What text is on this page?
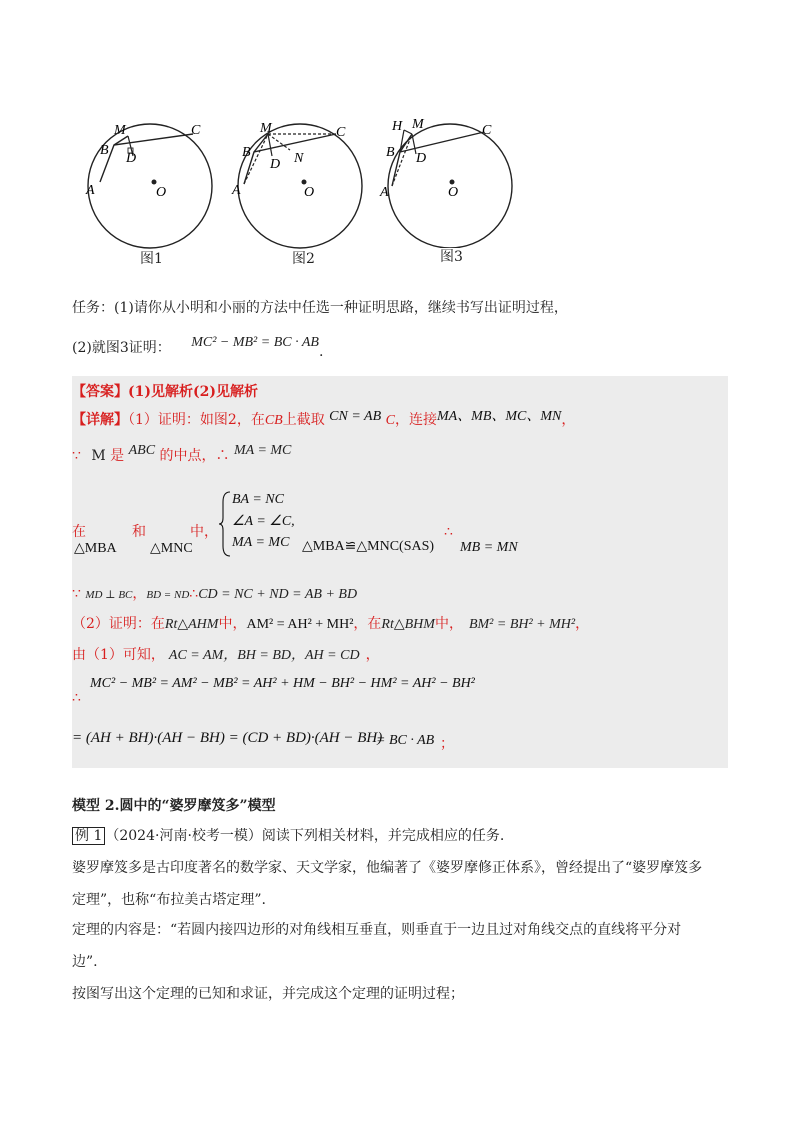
M
B
C
D
A	O
图1
M
B
C
D N
A	O
图2
H M
B
C
D
A	O
图3
任务：(1)请你从小明和小丽的方法中任选一种证明思路，继续书写出证明过程，
(2)就图3证明： MC² − MB² = BC · AB.
【答案】(1)见解析(2)见解析
【详解】（1）证明：如图2，在CB上截取 CN = AB C，连接MA、MB、MC、MN，
∵ M 是 ABC 的中点，∴ MA = MC
在
△MBA
和
△MNC
中，
BA = NC
∠A = ∠C,
MA = MC △MBA≌△MNC(SAS)
∴
MB = MN
∵ MD ⊥ BC，BD = ND∴CD = NC + ND = AB + BD
（2）证明：在Rt△AHM中，AM² = AH² + MH²，在Rt△BHM中， BM² = BH² + MH²，
由（1）可知， AC = AM，BH = BD，AH = CD ，
∴
MC² − MB² = AM² − MB² = AH² + HM − BH² − HM² = AH² − BH²
= (AH + BH)·(AH − BH) = (CD + BD)·(AH − BH)
= BC · AB ；
模型 2.圆中的“婆罗摩笈多”模型
例 1 （2024·河南·校考一模）阅读下列相关材料，并完成相应的任务.
婆罗摩笈多是古印度著名的数学家、天文学家，他编著了《婆罗摩修正体系》，曾经提出了“婆罗摩笈多
定理”，也称“布拉美古塔定理”.
定理的内容是：“若圆内接四边形的对角线相互垂直，则垂直于一边且过对角线交点的直线将平分对
边”.
按图写出这个定理的已知和求证，并完成这个定理的证明过程；
